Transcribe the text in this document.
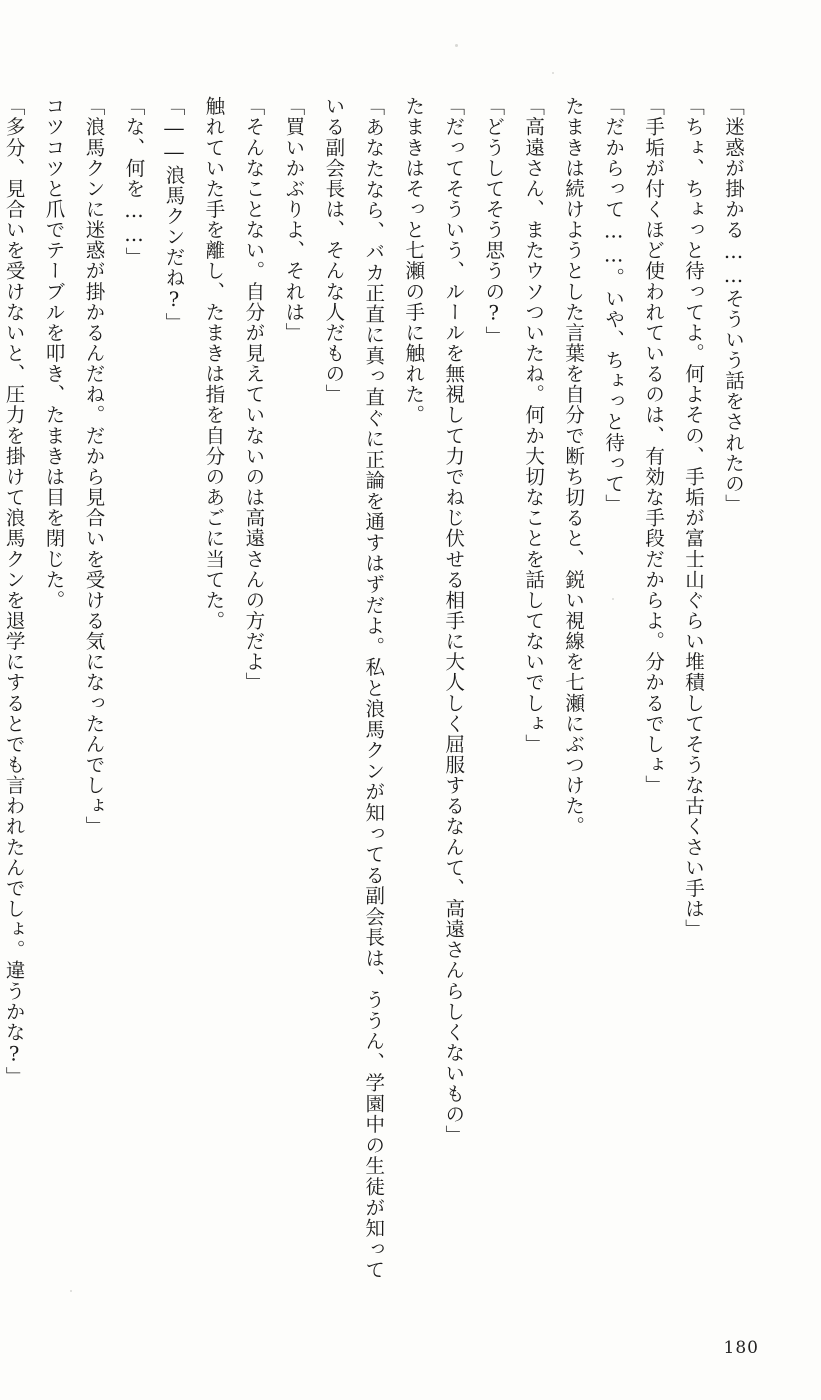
「迷惑が掛かる……そういう話をされたの」

「ちょ、ちょっと待ってよ。何よその、手垢が富士山ぐらい堆積してそうな古くさい手は」

「手垢が付くほど使われているのは、有効な手段だからよ。分かるでしょ」

「だからって……。いや、ちょっと待って」

たまきは続けようとした言葉を自分で断ち切ると、鋭い視線を七瀬にぶつけた。

「高遠さん、またウソついたね。何か大切なことを話してないでしょ」

「どうしてそう思うの?」

「だってそういう、ルールを無視して力でねじ伏せる相手に大人しく屈服するなんて、高遠さんらしくないもの」

たまきはそっと七瀬の手に触れた。

「あなたなら、バカ正直に真っ直ぐに正論を通すはずだよ。私と浪馬クンが知ってる副会長は、ううん、学園中の生徒が知っている副会長は、そんな人だもの」

「買いかぶりよ、それは」

「そんなことない。自分が見えていないのは高遠さんの方だよ」

触れていた手を離し、たまきは指を自分のあごに当てた。

「――浪馬クンだね?」

「な、何を……」

「浪馬クンに迷惑が掛かるんだね。だから見合いを受ける気になったんでしょ」

コツコツと爪でテーブルを叩き、たまきは目を閉じた。

「多分、見合いを受けないと、圧力を掛けて浪馬クンを退学にするとでも言われたんでしょ。違うかな?」

180
